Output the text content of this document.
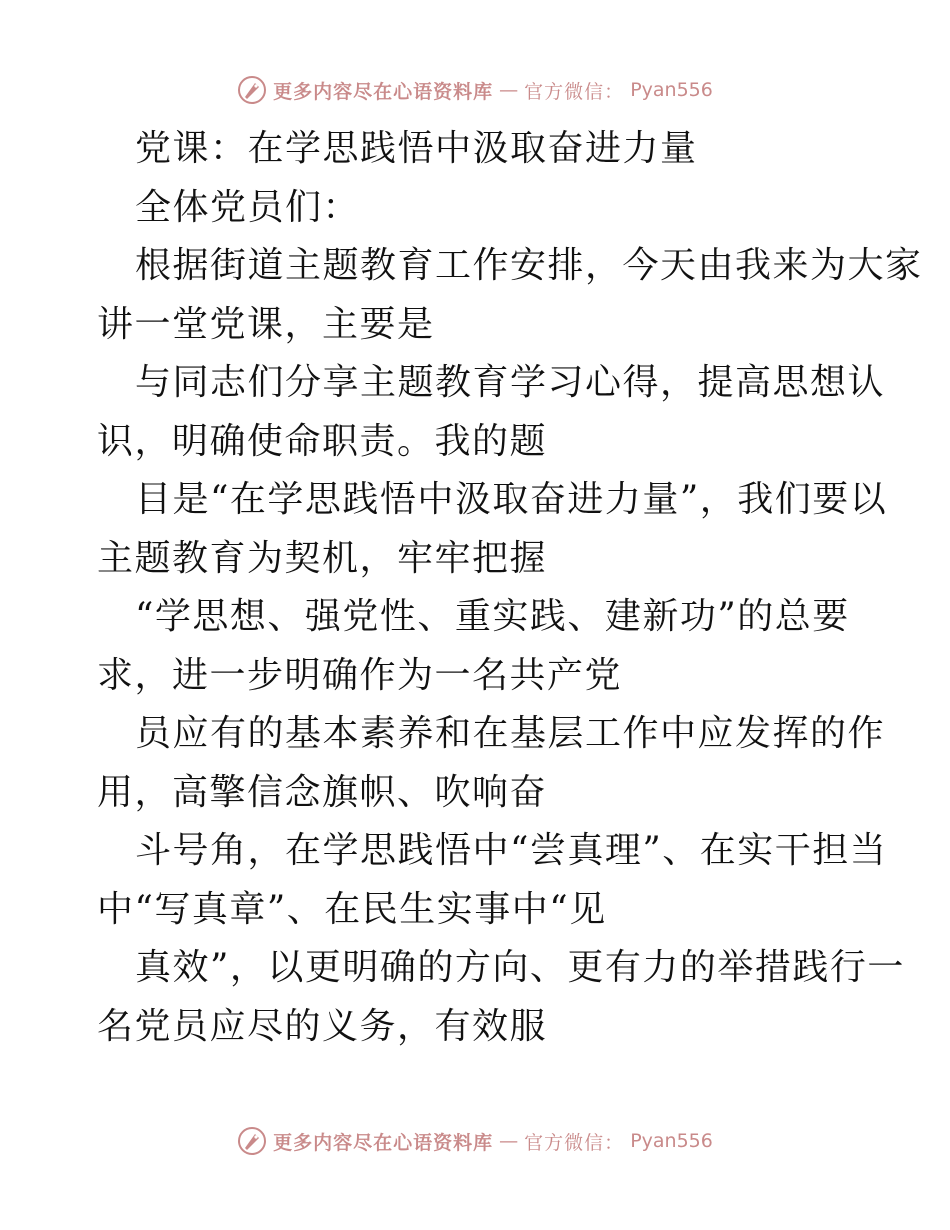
更多内容尽在心语资料库 — 官方微信： Pyan556
党课：在学思践悟中汲取奋进力量
全体党员们：
根据街道主题教育工作安排，今天由我来为大家
讲一堂党课，主要是
与同志们分享主题教育学习心得，提高思想认
识，明确使命职责。我的题
目是“在学思践悟中汲取奋进力量”，我们要以
主题教育为契机，牢牢把握
“学思想、强党性、重实践、建新功”的总要
求，进一步明确作为一名共产党
员应有的基本素养和在基层工作中应发挥的作
用，高擎信念旗帜、吹响奋
斗号角，在学思践悟中“尝真理”、在实干担当
中“写真章”、在民生实事中“见
真效”，以更明确的方向、更有力的举措践行一
名党员应尽的义务，有效服
更多内容尽在心语资料库 — 官方微信： Pyan556
